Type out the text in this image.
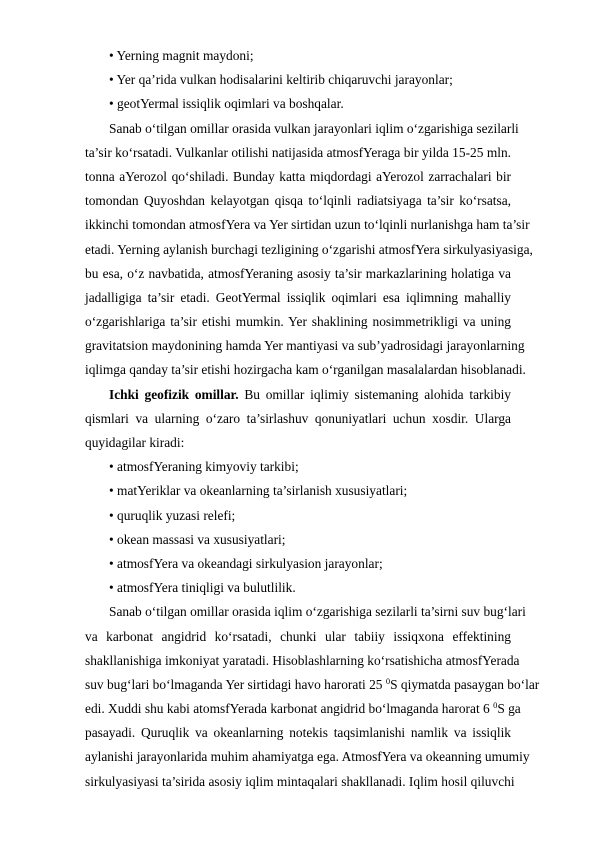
• Yerning magnit maydoni;
• Yer qa’rida vulkan hodisalarini keltirib chiqaruvchi jarayonlar;
• geotYermal issiqlik oqimlari va boshqalar.
Sanab o‘tilgan omillar orasida vulkan jarayonlari iqlim o‘zgarishiga sezilarli
ta’sir ko‘rsatadi. Vulkanlar otilishi natijasida atmosfYeraga bir yilda 15-25 mln.
tonna aYerozol qo‘shiladi. Bunday katta miqdordagi aYerozol zarrachalari bir
tomondan Quyoshdan kelayotgan qisqa to‘lqinli radiatsiyaga ta’sir ko‘rsatsa,
ikkinchi tomondan atmosfYera va Yer sirtidan uzun to‘lqinli nurlanishga ham ta’sir
etadi. Yerning aylanish burchagi tezligining o‘zgarishi atmosfYera sirkulyasiyasiga,
bu esa, o‘z navbatida, atmosfYeraning asosiy ta’sir markazlarining holatiga va
jadalligiga ta’sir etadi. GeotYermal issiqlik oqimlari esa iqlimning mahalliy
o‘zgarishlariga ta’sir etishi mumkin. Yer shaklining nosimmetrikligi va uning
gravitatsion maydonining hamda Yer mantiyasi va sub’yadrosidagi jarayonlarning
iqlimga qanday ta’sir etishi hozirgacha kam o‘rganilgan masalalardan hisoblanadi.
Ichki geofizik omillar. Bu omillar iqlimiy sistemaning alohida tarkibiy
qismlari va ularning o‘zaro ta’sirlashuv qonuniyatlari uchun xosdir. Ularga
quyidagilar kiradi:
• atmosfYeraning kimyoviy tarkibi;
• matYeriklar va okeanlarning ta’sirlanish xususiyatlari;
• quruqlik yuzasi relefi;
• okean massasi va xususiyatlari;
• atmosfYera va okeandagi sirkulyasion jarayonlar;
• atmosfYera tiniqligi va bulutlilik.
Sanab o‘tilgan omillar orasida iqlim o‘zgarishiga sezilarli ta’sirni suv bug‘lari
va karbonat angidrid ko‘rsatadi, chunki ular tabiiy issiqxona effektining
shakllanishiga imkoniyat yaratadi. Hisoblashlarning ko‘rsatishicha atmosfYerada
suv bug‘lari bo‘lmaganda Yer sirtidagi havo harorati 25 $^0$S qiymatda pasaygan bo‘lar
edi. Xuddi shu kabi atomsfYerada karbonat angidrid bo‘lmaganda harorat 6 $^0$S ga
pasayadi. Quruqlik va okeanlarning notekis taqsimlanishi namlik va issiqlik
aylanishi jarayonlarida muhim ahamiyatga ega. AtmosfYera va okeanning umumiy
sirkulyasiyasi ta’sirida asosiy iqlim mintaqalari shakllanadi. Iqlim hosil qiluvchi
